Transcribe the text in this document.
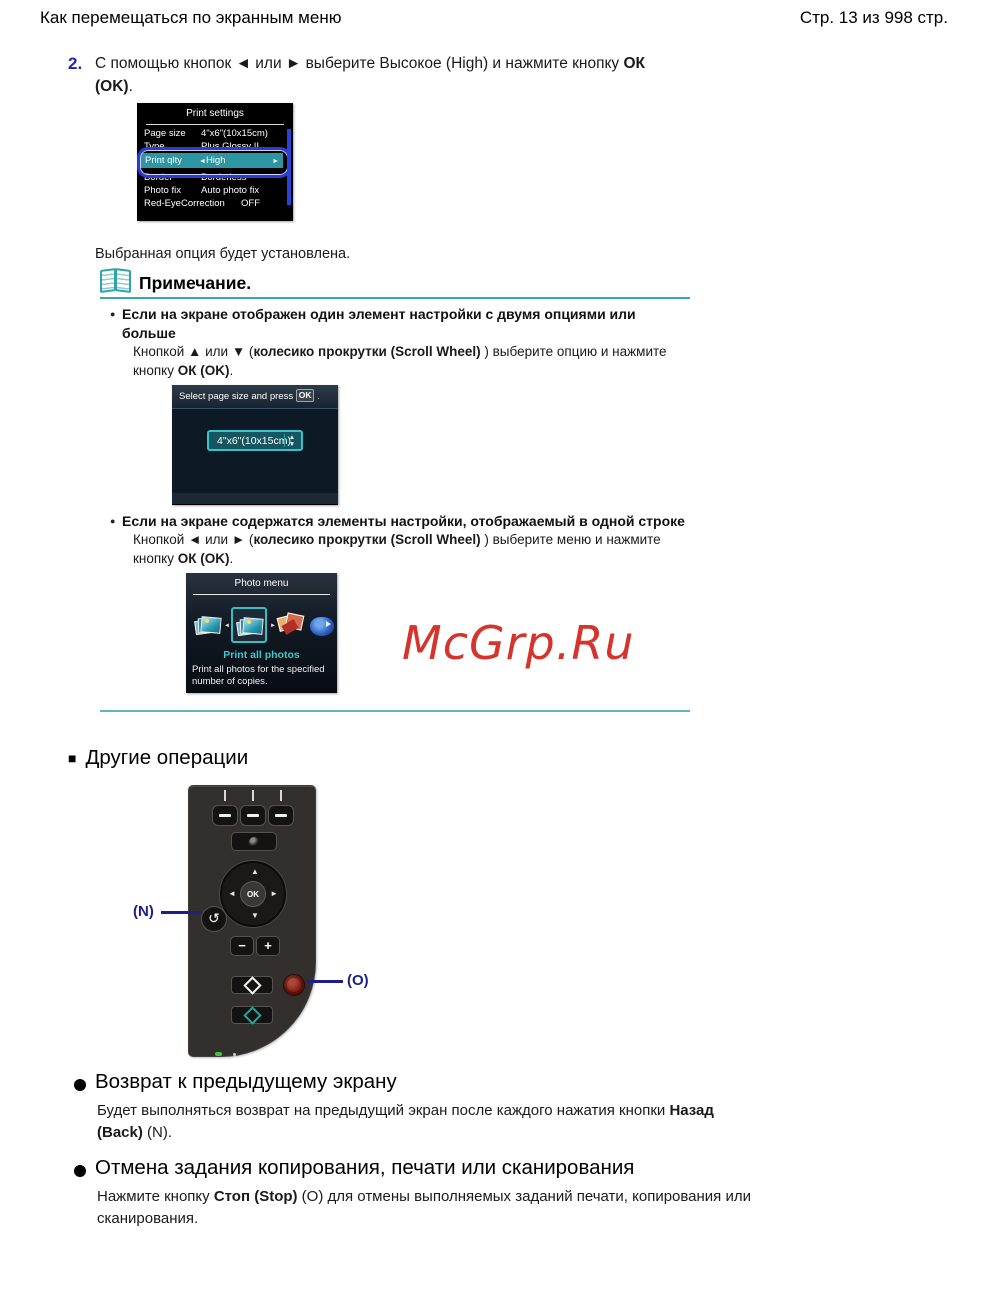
Как перемещаться по экранным меню	Стр. 13 из 998 стр.
2. С помощью кнопок ◄ или ► выберите Высокое (High) и нажмите кнопку ОК
(OK).
Print settings
Page size 4"x6"(10x15cm)
Type	Plus Glossy II
Print qlty ◄High	►
Border	Borderless
Photo fix Auto photo fix
Red-EyeCorrection OFF

Выбранная опция будет установлена.

Примечание.
● Если на экране отображен один элемент настройки с двумя опциями или
больше
Кнопкой ▲ или ▼ (колесико прокрутки (Scroll Wheel) ) выберите опцию и нажмите
кнопку ОК (OK).
Select page size and press OK .
4"x6"(10x15cm)
▲
▼
● Если на экране содержатся элементы настройки, отображаемый в одной строке
Кнопкой ◄ или ► (колесико прокрутки (Scroll Wheel) ) выберите меню и нажмите
кнопку ОК (OK).
Photo menu
◄	►
Print all photos
Print all photos for the specified
number of copies.
McGrp.Ru
■ Другие операции
▲
▼
◄	►
OK
↺
−	+
(N)
(O)
Возврат к предыдущему экрану
Будет выполняться возврат на предыдущий экран после каждого нажатия кнопки Назад
(Back) (N).
Отмена задания копирования, печати или сканирования
Нажмите кнопку Стоп (Stop) (О) для отмены выполняемых заданий печати, копирования или
сканирования.
